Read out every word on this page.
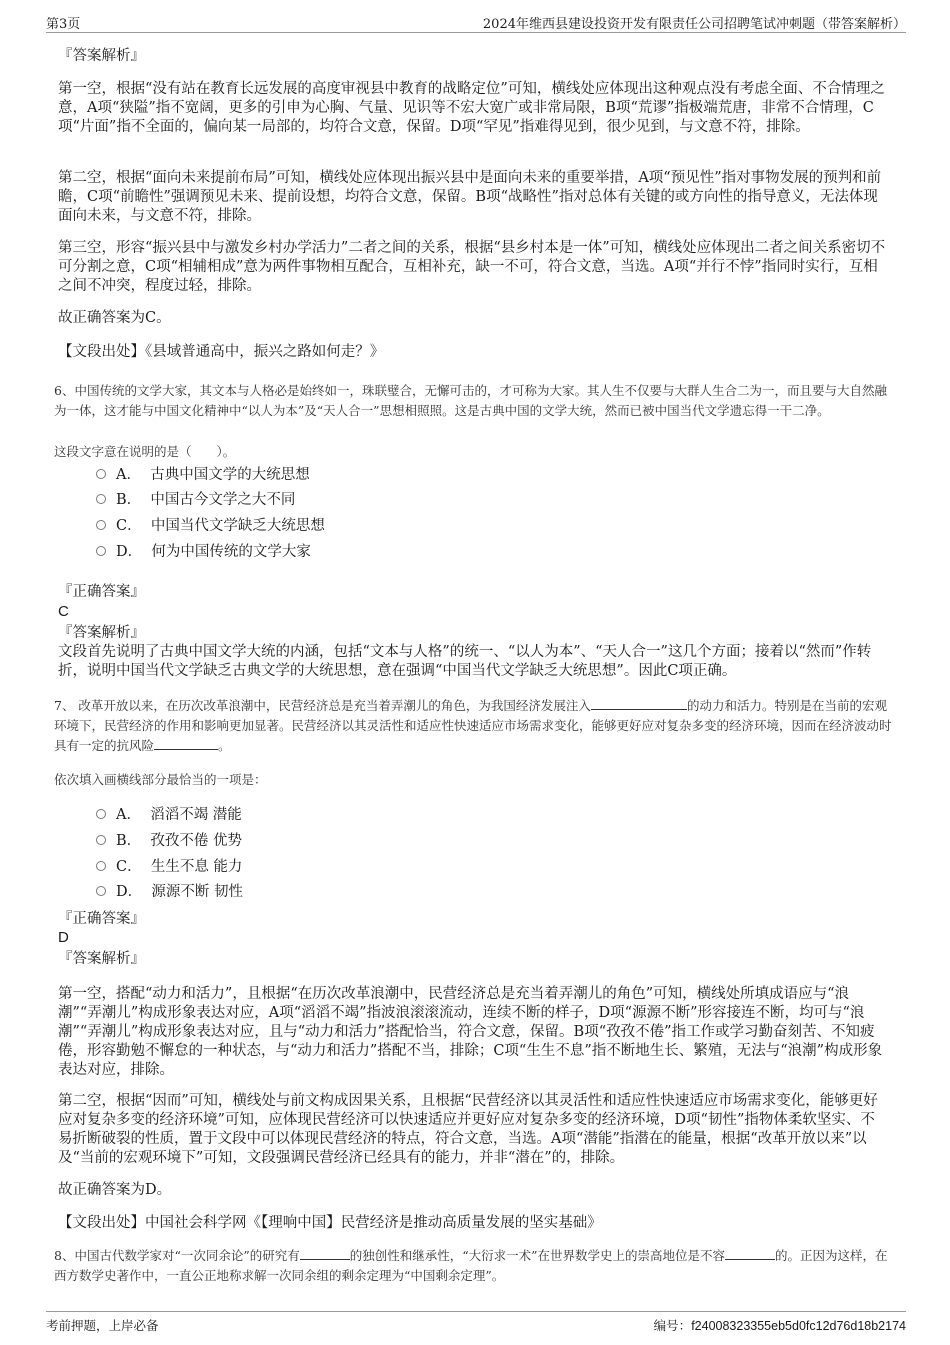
第3页	2024年维西县建设投资开发有限责任公司招聘笔试冲刺题（带答案解析）
『答案解析』

第一空，根据“没有站在教育长远发展的高度审视县中教育的战略定位”可知，横线处应体现出这种观点没有考虑全面、不合情理之意，A项“狭隘”指不宽阔，更多的引申为心胸、气量、见识等不宏大宽广或非常局限，B项“荒谬”指极端荒唐，非常不合情理，C项“片面”指不全面的，偏向某一局部的，均符合文意，保留。D项“罕见”指难得见到，很少见到，与文意不符，排除。

第二空，根据“面向未来提前布局”可知，横线处应体现出振兴县中是面向未来的重要举措，A项“预见性”指对事物发展的预判和前瞻，C项“前瞻性”强调预见未来、提前设想，均符合文意，保留。B项“战略性”指对总体有关键的或方向性的指导意义，无法体现面向未来，与文意不符，排除。

第三空，形容“振兴县中与激发乡村办学活力”二者之间的关系，根据“县乡村本是一体”可知，横线处应体现出二者之间关系密切不可分割之意，C项“相辅相成”意为两件事物相互配合，互相补充，缺一不可，符合文意，当选。A项“并行不悖”指同时实行，互相之间不冲突，程度过轻，排除。

故正确答案为C。

【文段出处】《县域普通高中，振兴之路如何走？》

6、中国传统的文学大家，其文本与人格必是始终如一，珠联璧合，无懈可击的，才可称为大家。其人生不仅要与大群人生合二为一，而且要与大自然融为一体，这才能与中国文化精神中“以人为本”及“天人合一”思想相照照。这是古典中国的文学大统，然而已被中国当代文学遗忘得一干二净。

这段文字意在说明的是（　　）。

A． 古典中国文学的大统思想
B． 中国古今文学之大不同
C． 中国当代文学缺乏大统思想
D． 何为中国传统的文学大家
『正确答案』
C
『答案解析』

文段首先说明了古典中国文学大统的内涵，包括“文本与人格”的统一、“以人为本”、“天人合一”这几个方面；接着以“然而”作转折，说明中国当代文学缺乏古典文学的大统思想，意在强调“中国当代文学缺乏大统思想”。因此C项正确。

7、 改革开放以来，在历次改革浪潮中，民营经济总是充当着弄潮儿的角色，为我国经济发展注入	的动力和活力。特别是在当前的宏观环境下，民营经济的作用和影响更加显著。民营经济以其灵活性和适应性快速适应市场需求变化，能够更好应对复杂多变的经济环境，因而在经济波动时具有一定的抗风险	。

依次填入画横线部分最恰当的一项是：

A． 滔滔不竭 潜能
B． 孜孜不倦 优势
C． 生生不息 能力
D． 源源不断 韧性
『正确答案』
D
『答案解析』

第一空，搭配“动力和活力”，且根据“在历次改革浪潮中，民营经济总是充当着弄潮儿的角色”可知，横线处所填成语应与“浪潮”“弄潮儿”构成形象表达对应，A项“滔滔不竭”指波浪滚滚流动，连续不断的样子，D项“源源不断”形容接连不断，均可与“浪潮”“弄潮儿”构成形象表达对应，且与“动力和活力”搭配恰当，符合文意，保留。B项“孜孜不倦”指工作或学习勤奋刻苦、不知疲倦，形容勤勉不懈怠的一种状态，与“动力和活力”搭配不当，排除；C项“生生不息”指不断地生长、繁殖，无法与“浪潮”构成形象表达对应，排除。

第二空，根据“因而”可知，横线处与前文构成因果关系，且根据“民营经济以其灵活性和适应性快速适应市场需求变化，能够更好应对复杂多变的经济环境”可知，应体现民营经济可以快速适应并更好应对复杂多变的经济环境，D项“韧性”指物体柔软坚实、不易折断破裂的性质，置于文段中可以体现民营经济的特点，符合文意，当选。A项“潜能”指潜在的能量，根据“改革开放以来”以及“当前的宏观环境下”可知，文段强调民营经济已经具有的能力，并非“潜在”的，排除。

故正确答案为D。

【文段出处】中国社会科学网《【理响中国】民营经济是推动高质量发展的坚实基础》

8、中国古代数学家对“一次同余论”的研究有	的独创性和继承性，“大衍求一术”在世界数学史上的崇高地位是不容	的。正因为这样，在西方数学史著作中，一直公正地称求解一次同余组的剩余定理为“中国剩余定理”。

考前押题，上岸必备	编号：f24008323355eb5d0fc12d76d18b2174
